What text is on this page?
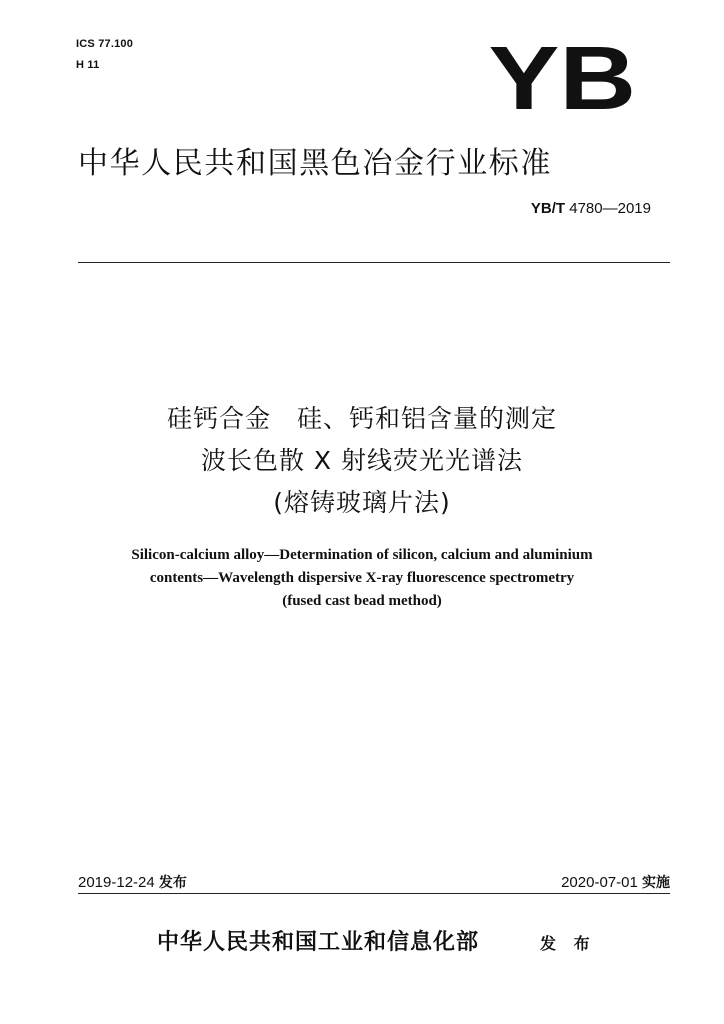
ICS 77.100
H 11	YB
中华人民共和国黑色冶金行业标准
YB/T 4780—2019
硅钙合金　硅、钙和铝含量的测定
波长色散 X 射线荧光光谱法
(熔铸玻璃片法)
Silicon-calcium alloy—Determination of silicon, calcium and aluminium
contents—Wavelength dispersive X-ray fluorescence spectrometry
(fused cast bead method)
2019-12-24 发布	2020-07-01 实施
中华人民共和国工业和信息化部	发 布
